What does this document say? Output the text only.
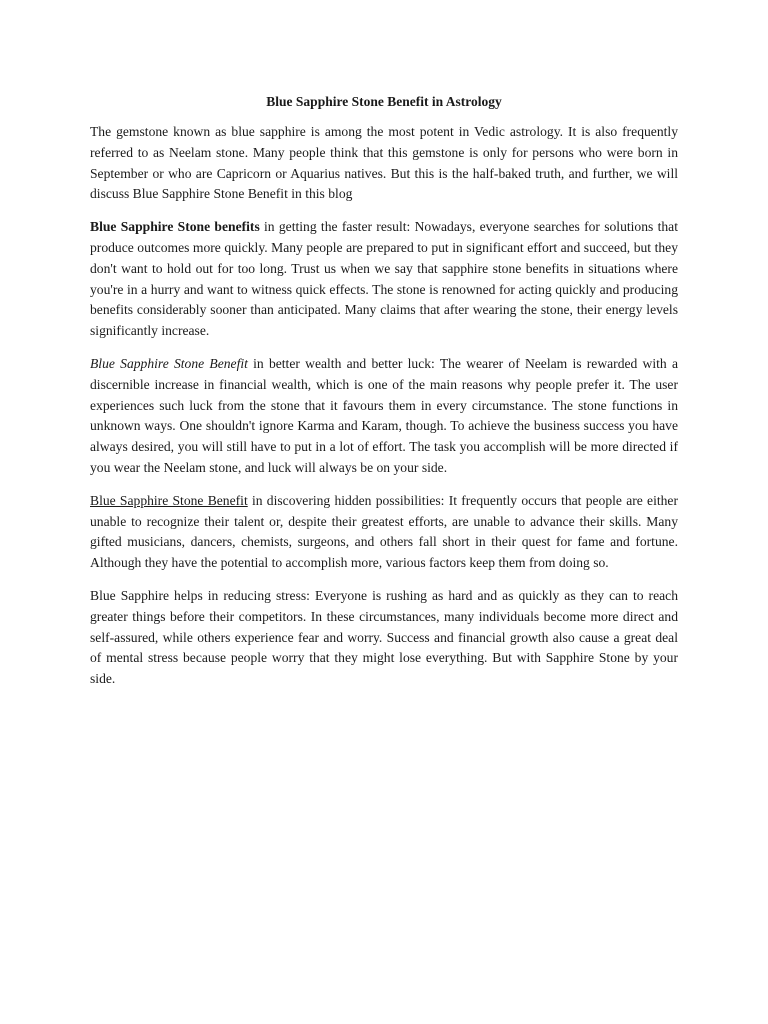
Blue Sapphire Stone Benefit in Astrology

The gemstone known as blue sapphire is among the most potent in Vedic astrology. It is also frequently referred to as Neelam stone. Many people think that this gemstone is only for persons who were born in September or who are Capricorn or Aquarius natives. But this is the half-baked truth, and further, we will discuss Blue Sapphire Stone Benefit in this blog

Blue Sapphire Stone benefits in getting the faster result: Nowadays, everyone searches for solutions that produce outcomes more quickly. Many people are prepared to put in significant effort and succeed, but they don't want to hold out for too long. Trust us when we say that sapphire stone benefits in situations where you're in a hurry and want to witness quick effects. The stone is renowned for acting quickly and producing benefits considerably sooner than anticipated. Many claims that after wearing the stone, their energy levels significantly increase.

Blue Sapphire Stone Benefit in better wealth and better luck: The wearer of Neelam is rewarded with a discernible increase in financial wealth, which is one of the main reasons why people prefer it. The user experiences such luck from the stone that it favours them in every circumstance. The stone functions in unknown ways. One shouldn't ignore Karma and Karam, though. To achieve the business success you have always desired, you will still have to put in a lot of effort. The task you accomplish will be more directed if you wear the Neelam stone, and luck will always be on your side.

Blue Sapphire Stone Benefit in discovering hidden possibilities: It frequently occurs that people are either unable to recognize their talent or, despite their greatest efforts, are unable to advance their skills. Many gifted musicians, dancers, chemists, surgeons, and others fall short in their quest for fame and fortune. Although they have the potential to accomplish more, various factors keep them from doing so.

Blue Sapphire helps in reducing stress: Everyone is rushing as hard and as quickly as they can to reach greater things before their competitors. In these circumstances, many individuals become more direct and self-assured, while others experience fear and worry. Success and financial growth also cause a great deal of mental stress because people worry that they might lose everything. But with Sapphire Stone by your side.
